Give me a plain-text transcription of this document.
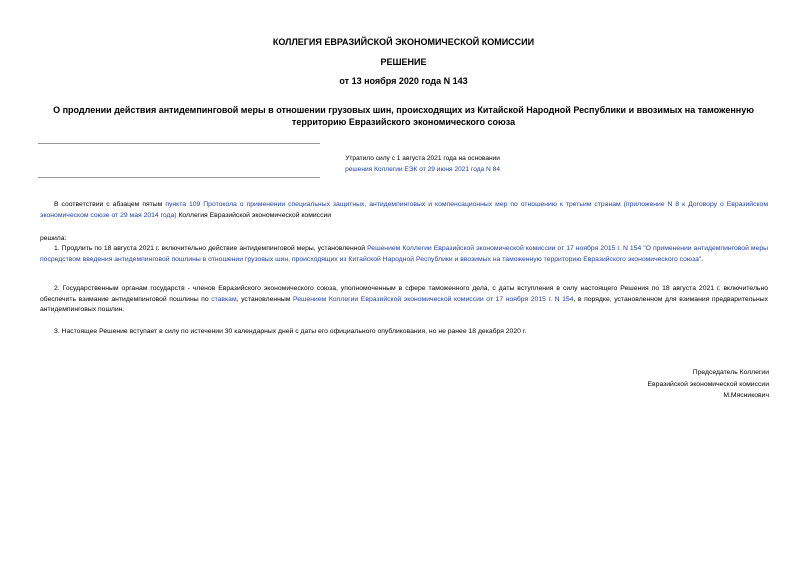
КОЛЛЕГИЯ ЕВРАЗИЙСКОЙ ЭКОНОМИЧЕСКОЙ КОМИССИИ
РЕШЕНИЕ
от 13 ноября 2020 года N 143
О продлении действия антидемпинговой меры в отношении грузовых шин, происходящих из Китайской Народной Республики и ввозимых на таможенную территорию Евразийского экономического союза
Утратило силу с 1 августа 2021 года на основании
решения Коллегии ЕЭК от 29 июня 2021 года N 84
В соответствии с абзацем пятым пункта 109 Протокола о применении специальных защитных, антидемпинговых и компенсационных мер по отношению к третьим странам (приложение N 8 к Договору о Евразийском экономическом союзе от 29 мая 2014 года) Коллегия Евразийской экономической комиссии
решила:
1. Продлить по 18 августа 2021 г. включительно действие антидемпинговой меры, установленной Решением Коллегии Евразийской экономической комиссии от 17 ноября 2015 г. N 154 "О применении антидемпинговой меры посредством введения антидемпинговой пошлины в отношении грузовых шин, происходящих из Китайской Народной Республики и ввозимых на таможенную территорию Евразийского экономического союза".
2. Государственным органам государств - членов Евразийского экономического союза, уполномоченным в сфере таможенного дела, с даты вступления в силу настоящего Решения по 18 августа 2021 г. включительно обеспечить взимание антидемпинговой пошлины по ставкам, установленным Решением Коллегии Евразийской экономической комиссии от 17 ноября 2015 г. N 154, в порядке, установленном для взимания предварительных антидемпинговых пошлин.
3. Настоящее Решение вступает в силу по истечении 30 календарных дней с даты его официального опубликования, но не ранее 18 декабря 2020 г.
Председатель Коллегии
Евразийской экономической комиссии
М.Мясникович
